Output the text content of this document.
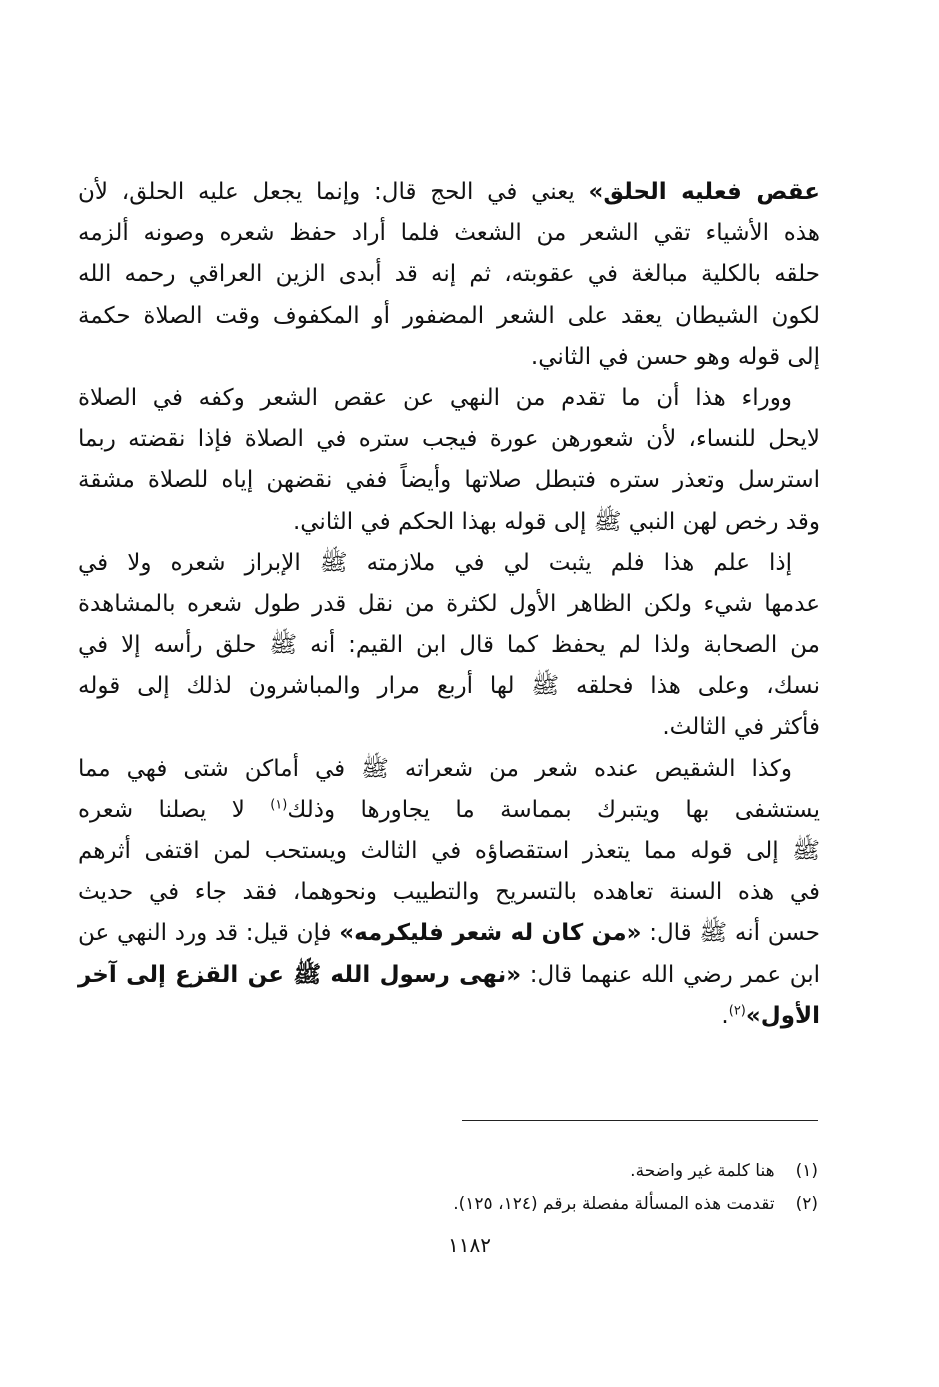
عقص فعليه الحلق» يعني في الحج قال: وإنما يجعل عليه الحلق، لأن
هذه الأشياء تقي الشعر من الشعث فلما أراد حفظ شعره وصونه ألزمه
حلقه بالكلية مبالغة في عقوبته، ثم إنه قد أبدى الزين العراقي رحمه الله
لكون الشيطان يعقد على الشعر المضفور أو المكفوف وقت الصلاة حكمة
إلى قوله وهو حسن في الثاني.
ووراء هذا أن ما تقدم من النهي عن عقص الشعر وكفه في الصلاة
لايحل للنساء، لأن شعورهن عورة فيجب ستره في الصلاة فإذا نقضته ربما
استرسل وتعذر ستره فتبطل صلاتها وأيضاً ففي نقضهن إياه للصلاة مشقة
وقد رخص لهن النبي ﷺ إلى قوله بهذا الحكم في الثاني.
إذا علم هذا فلم يثبت لي في ملازمته ﷺ الإبراز شعره ولا في
عدمها شيء ولكن الظاهر الأول لكثرة من نقل قدر طول شعره بالمشاهدة
من الصحابة ولذا لم يحفظ كما قال ابن القيم: أنه ﷺ حلق رأسه إلا في
نسك، وعلى هذا فحلقه ﷺ لها أربع مرار والمباشرون لذلك إلى قوله
فأكثر في الثالث.
وكذا الشقيص عنده شعر من شعراته ﷺ في أماكن شتى فهي مما
يستشفى بها ويتبرك بمماسة ما يجاورها وذلك$^{(١)}$ لا يصلنا شعره
ﷺ إلى قوله مما يتعذر استقصاؤه في الثالث ويستحب لمن اقتفى أثرهم
في هذه السنة تعاهده بالتسريح والتطييب ونحوهما، فقد جاء في حديث
حسن أنه ﷺ قال: «من كان له شعر فليكرمه» فإن قيل: قد ورد النهي عن
ابن عمر رضي الله عنهما قال: «نهى رسول الله ﷺ عن القزع إلى آخر
الأول»$^{(٢)}$.
(١) هنا كلمة غير واضحة.
(٢) تقدمت هذه المسألة مفصلة برقم (١٢٤، ١٢٥).
١١٨٢
